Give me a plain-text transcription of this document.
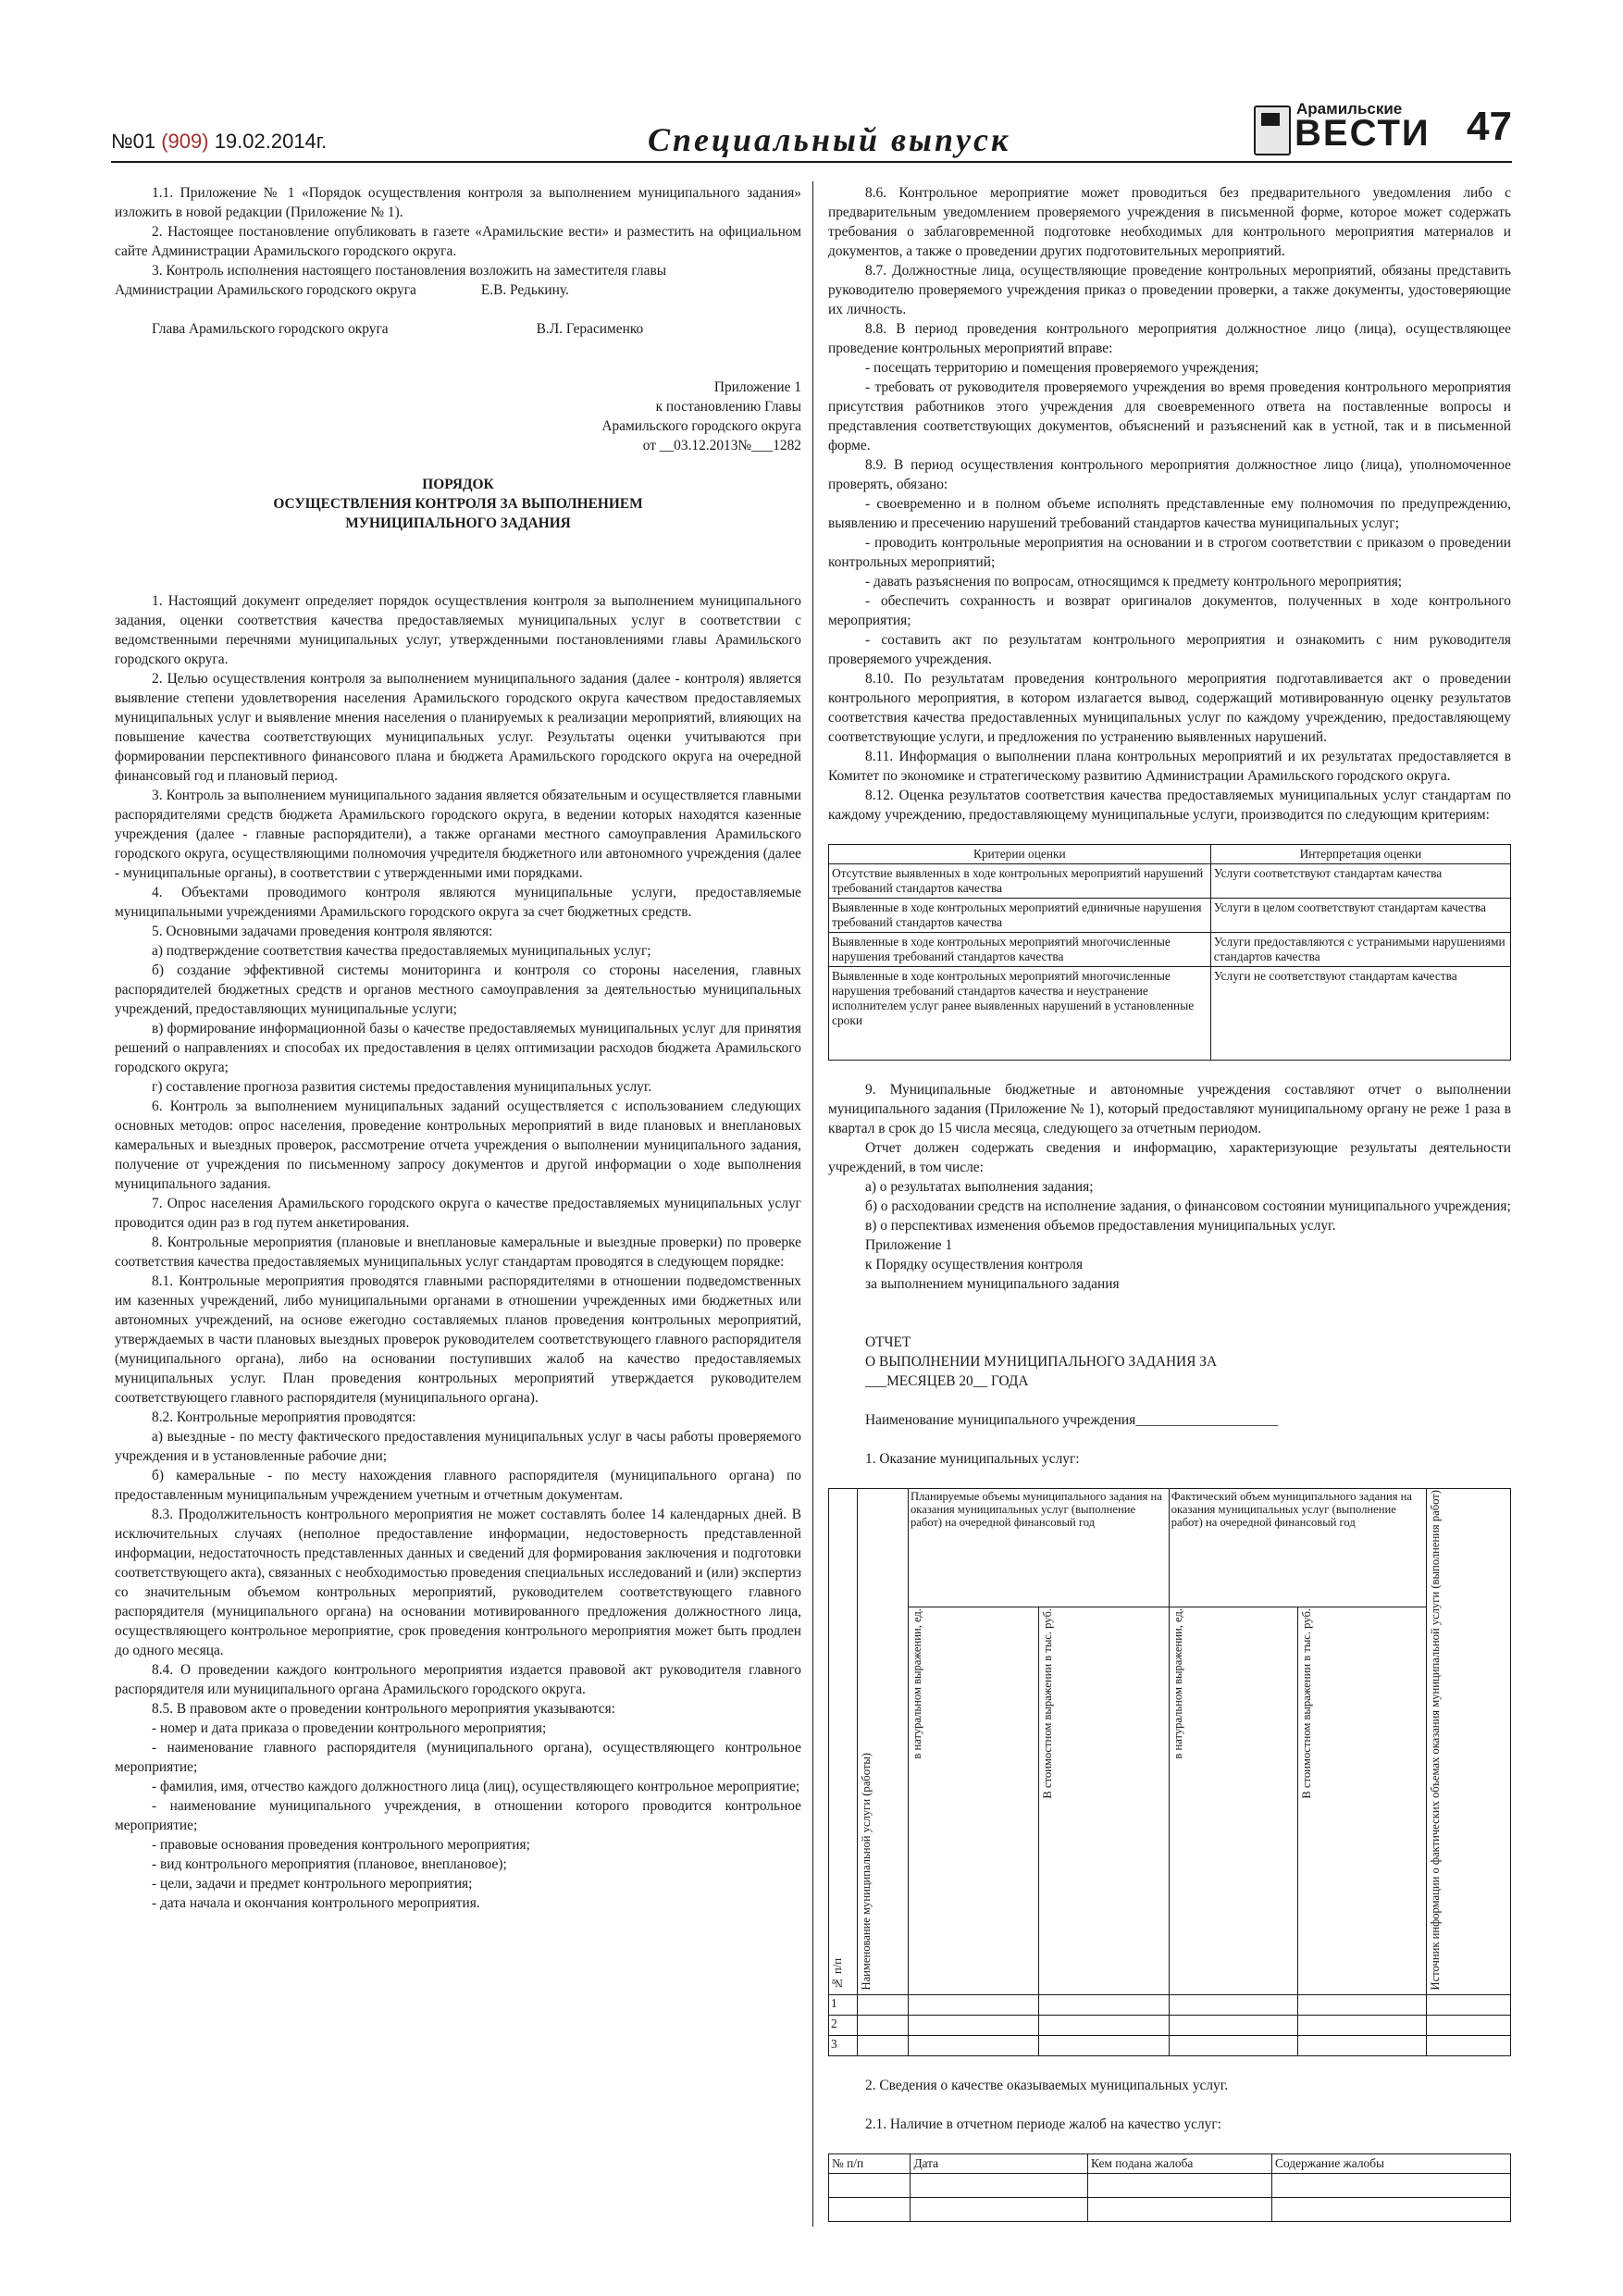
№01 (909) 19.02.2014г.	Специальный выпуск
Арамильские
ВЕСТИ 47

1.1. Приложение № 1 «Порядок осуществления контроля за выполнением муниципального задания» изложить в новой редакции (Приложение № 1).

2. Настоящее постановление опубликовать в газете «Арамильские вести» и разместить на официальном сайте Администрации Арамильского городского округа.

3. Контроль исполнения настоящего постановления возложить на заместителя главы

Администрации Арамильского городского округа	Е.В. Редькину.

Глава Арамильского городского округа	В.Л. Герасименко

Приложение 1

к постановлению Главы

Арамильского городского округа

от __03.12.2013№___1282

ПОРЯДОК

ОСУЩЕСТВЛЕНИЯ КОНТРОЛЯ ЗА ВЫПОЛНЕНИЕМ

МУНИЦИПАЛЬНОГО ЗАДАНИЯ

1. Настоящий документ определяет порядок осуществления контроля за выполнением муниципального задания, оценки соответствия качества предоставляемых муниципальных услуг в соответствии с ведомственными перечнями муниципальных услуг, утвержденными постановлениями главы Арамильского городского округа.

2. Целью осуществления контроля за выполнением муниципального задания (далее - контроля) является выявление степени удовлетворения населения Арамильского городского округа качеством предоставляемых муниципальных услуг и выявление мнения населения о планируемых к реализации мероприятий, влияющих на повышение качества соответствующих муниципальных услуг. Результаты оценки учитываются при формировании перспективного финансового плана и бюджета Арамильского городского округа на очередной финансовый год и плановый период.

3. Контроль за выполнением муниципального задания является обязательным и осуществляется главными распорядителями средств бюджета Арамильского городского округа, в ведении которых находятся казенные учреждения (далее - главные распорядители), а также органами местного самоуправления Арамильского городского округа, осуществляющими полномочия учредителя бюджетного или автономного учреждения (далее - муниципальные органы), в соответствии с утвержденными ими порядками.

4. Объектами проводимого контроля являются муниципальные услуги, предоставляемые муниципальными учреждениями Арамильского городского округа за счет бюджетных средств.

5. Основными задачами проведения контроля являются:

а) подтверждение соответствия качества предоставляемых муниципальных услуг;

б) создание эффективной системы мониторинга и контроля со стороны населения, главных распорядителей бюджетных средств и органов местного самоуправления за деятельностью муниципальных учреждений, предоставляющих муниципальные услуги;

в) формирование информационной базы о качестве предоставляемых муниципальных услуг для принятия решений о направлениях и способах их предоставления в целях оптимизации расходов бюджета Арамильского городского округа;

г) составление прогноза развития системы предоставления муниципальных услуг.

6. Контроль за выполнением муниципальных заданий осуществляется с использованием следующих основных методов: опрос населения, проведение контрольных мероприятий в виде плановых и внеплановых камеральных и выездных проверок, рассмотрение отчета учреждения о выполнении муниципального задания, получение от учреждения по письменному запросу документов и другой информации о ходе выполнения муниципального задания.

7. Опрос населения Арамильского городского округа о качестве предоставляемых муниципальных услуг проводится один раз в год путем анкетирования.

8. Контрольные мероприятия (плановые и внеплановые камеральные и выездные проверки) по проверке соответствия качества предоставляемых муниципальных услуг стандартам проводятся в следующем порядке:

8.1. Контрольные мероприятия проводятся главными распорядителями в отношении подведомственных им казенных учреждений, либо муниципальными органами в отношении учрежденных ими бюджетных или автономных учреждений, на основе ежегодно составляемых планов проведения контрольных мероприятий, утверждаемых в части плановых выездных проверок руководителем соответствующего главного распорядителя (муниципального органа), либо на основании поступивших жалоб на качество предоставляемых муниципальных услуг. План проведения контрольных мероприятий утверждается руководителем соответствующего главного распорядителя (муниципального органа).

8.2. Контрольные мероприятия проводятся:

а) выездные - по месту фактического предоставления муниципальных услуг в часы работы проверяемого учреждения и в установленные рабочие дни;

б) камеральные - по месту нахождения главного распорядителя (муниципального органа) по предоставленным муниципальным учреждением учетным и отчетным документам.

8.3. Продолжительность контрольного мероприятия не может составлять более 14 календарных дней. В исключительных случаях (неполное предоставление информации, недостоверность представленной информации, недостаточность представленных данных и сведений для формирования заключения и подготовки соответствующего акта), связанных с необходимостью проведения специальных исследований и (или) экспертиз со значительным объемом контрольных мероприятий, руководителем соответствующего главного распорядителя (муниципального органа) на основании мотивированного предложения должностного лица, осуществляющего контрольное мероприятие, срок проведения контрольного мероприятия может быть продлен до одного месяца.

8.4. О проведении каждого контрольного мероприятия издается правовой акт руководителя главного распорядителя или муниципального органа Арамильского городского округа.

8.5. В правовом акте о проведении контрольного мероприятия указываются:

- номер и дата приказа о проведении контрольного мероприятия;

- наименование главного распорядителя (муниципального органа), осуществляющего контрольное мероприятие;

- фамилия, имя, отчество каждого должностного лица (лиц), осуществляющего контрольное мероприятие;

- наименование муниципального учреждения, в отношении которого проводится контрольное мероприятие;

- правовые основания проведения контрольного мероприятия;

- вид контрольного мероприятия (плановое, внеплановое);

- цели, задачи и предмет контрольного мероприятия;

- дата начала и окончания контрольного мероприятия.

8.6. Контрольное мероприятие может проводиться без предварительного уведомления либо с предварительным уведомлением проверяемого учреждения в письменной форме, которое может содержать требования о заблаговременной подготовке необходимых для контрольного мероприятия материалов и документов, а также о проведении других подготовительных мероприятий.

8.7. Должностные лица, осуществляющие проведение контрольных мероприятий, обязаны представить руководителю проверяемого учреждения приказ о проведении проверки, а также документы, удостоверяющие их личность.

8.8. В период проведения контрольного мероприятия должностное лицо (лица), осуществляющее проведение контрольных мероприятий вправе:

- посещать территорию и помещения проверяемого учреждения;

- требовать от руководителя проверяемого учреждения во время проведения контрольного мероприятия присутствия работников этого учреждения для своевременного ответа на поставленные вопросы и представления соответствующих документов, объяснений и разъяснений как в устной, так и в письменной форме.

8.9. В период осуществления контрольного мероприятия должностное лицо (лица), уполномоченное проверять, обязано:

- своевременно и в полном объеме исполнять представленные ему полномочия по предупреждению, выявлению и пресечению нарушений требований стандартов качества муниципальных услуг;

- проводить контрольные мероприятия на основании и в строгом соответствии с приказом о проведении контрольных мероприятий;

- давать разъяснения по вопросам, относящимся к предмету контрольного мероприятия;

- обеспечить сохранность и возврат оригиналов документов, полученных в ходе контрольного мероприятия;

- составить акт по результатам контрольного мероприятия и ознакомить с ним руководителя проверяемого учреждения.

8.10. По результатам проведения контрольного мероприятия подготавливается акт о проведении контрольного мероприятия, в котором излагается вывод, содержащий мотивированную оценку результатов соответствия качества предоставленных муниципальных услуг по каждому учреждению, предоставляющему соответствующие услуги, и предложения по устранению выявленных нарушений.

8.11. Информация о выполнении плана контрольных мероприятий и их результатах предоставляется в Комитет по экономике и стратегическому развитию Администрации Арамильского городского округа.

8.12. Оценка результатов соответствия качества предоставляемых муниципальных услуг стандартам по каждому учреждению, предоставляющему муниципальные услуги, производится по следующим критериям:

Критерии оценки	Интерпретация оценки
Отсутствие выявленных в ходе контрольных мероприятий нарушений требований стандартов качества	Услуги соответствуют стандартам качества
Выявленные в ходе контрольных мероприятий единичные нарушения требований стандартов качества	Услуги в целом соответствуют стандартам качества
Выявленные в ходе контрольных мероприятий многочисленные нарушения требований стандартов качества	Услуги предоставляются с устранимыми нарушениями стандартов качества
Выявленные в ходе контрольных мероприятий многочисленные нарушения требований стандартов качества и неустранение исполнителем услуг ранее выявленных нарушений в установленные сроки	Услуги не соответствуют стандартам качества

9. Муниципальные бюджетные и автономные учреждения составляют отчет о выполнении муниципального задания (Приложение № 1), который предоставляют муниципальному органу не реже 1 раза в квартал в срок до 15 числа месяца, следующего за отчетным периодом.

Отчет должен содержать сведения и информацию, характеризующие результаты деятельности учреждений, в том числе:

а) о результатах выполнения задания;

б) о расходовании средств на исполнение задания, о финансовом состоянии муниципального учреждения;

в) о перспективах изменения объемов предоставления муниципальных услуг.

Приложение 1

к Порядку осуществления контроля

за выполнением муниципального задания

ОТЧЕТ

О ВЫПОЛНЕНИИ МУНИЦИПАЛЬНОГО ЗАДАНИЯ ЗА

___МЕСЯЦЕВ 20__ ГОДА

Наименование муниципального учреждения____________________

1. Оказание муниципальных услуг:

№ п/п	Наименование муниципальной услуги (работы)	Планируемые объемы муниципального задания на оказания муниципальных услуг (выполнение работ) на очередной финансовый год		Фактический объем муниципального задания на оказания муниципальных услуг (выполнение работ) на очередной финансовый год		Источник информации о фактических объемах оказания муниципальной услуги (выполнения работ)
		в натуральном выражении, ед.	В стоимостном выражении в тыс. руб.	в натуральном выражении, ед.	В стоимостном выражении в тыс. руб.	
1						
2						
3						

2. Сведения о качестве оказываемых муниципальных услуг.

2.1. Наличие в отчетном периоде жалоб на качество услуг:

№ п/п	Дата	Кем подана жалоба	Содержание жалобы
